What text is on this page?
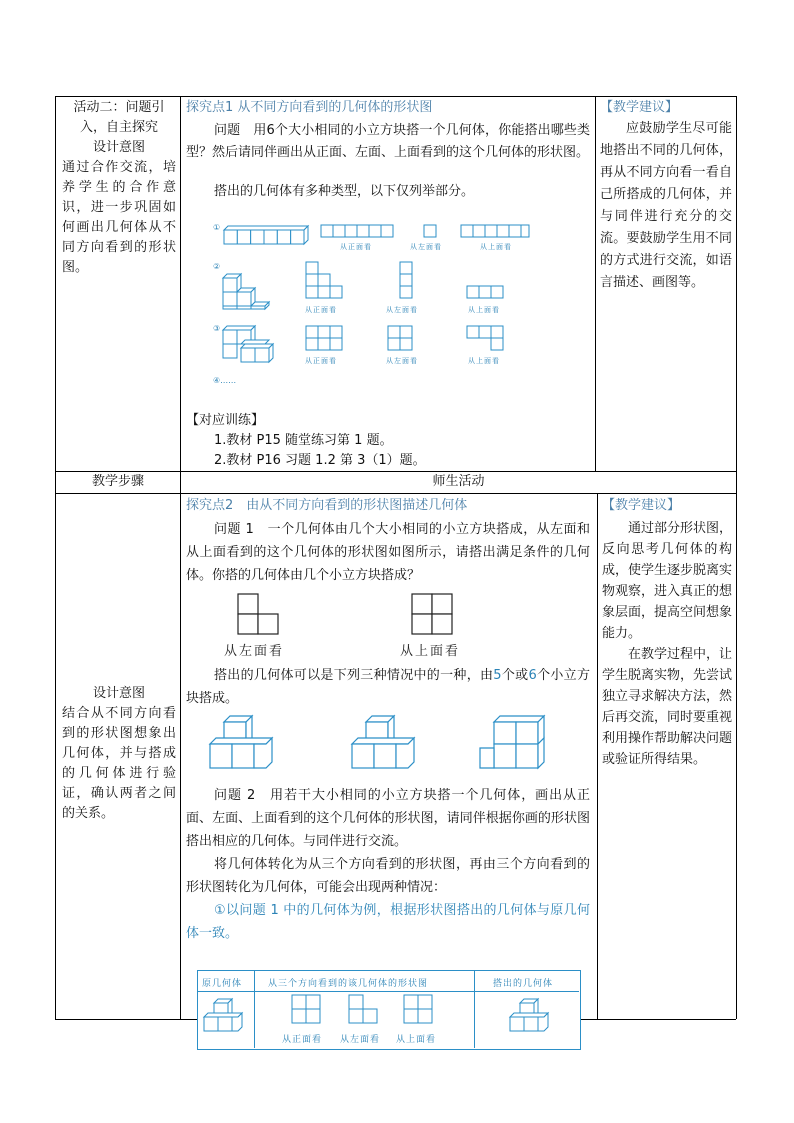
活动二：问题引入，自主探究
设计意图
通过合作交流，培养学生的合作意识，进一步巩固如何画出几何体从不同方向看到的形状图。
探究点1 从不同方向看到的几何体的形状图
问题　用6个大小相同的小立方块搭一个几何体，你能搭出哪些类型？然后请同伴画出从正面、左面、上面看到的这个几何体的形状图。
搭出的几何体有多种类型，以下仅列举部分。
①
②
③
④……
从正面看	从左面看	从上面看
从正面看	从左面看	从上面看
从正面看	从左面看	从上面看
【对应训练】
1.教材 P15 随堂练习第 1 题。
2.教材 P16 习题 1.2 第 3（1）题。
【教学建议】
应鼓励学生尽可能地搭出不同的几何体，再从不同方向看一看自己所搭成的几何体，并与同伴进行充分的交流。要鼓励学生用不同的方式进行交流，如语言描述、画图等。
教学步骤	师生活动
设计意图
结合从不同方向看到的形状图想象出几何体，并与搭成的几何体进行验证，确认两者之间的关系。
探究点2　由从不同方向看到的形状图描述几何体
问题 1　一个几何体由几个大小相同的小立方块搭成，从左面和从上面看到的这个几何体的形状图如图所示，请搭出满足条件的几何体。你搭的几何体由几个小立方块搭成？
从左面看	从上面看
搭出的几何体可以是下列三种情况中的一种，由5个或6个小立方块搭成。
问题 2　用若干大小相同的小立方块搭一个几何体，画出从正面、左面、上面看到的这个几何体的形状图，请同伴根据你画的形状图搭出相应的几何体。与同伴进行交流。
将几何体转化为从三个方向看到的形状图，再由三个方向看到的形状图转化为几何体，可能会出现两种情况：
①以问题 1 中的几何体为例，根据形状图搭出的几何体与原几何体一致。
原几何体	从三个方向看到的该几何体的形状图	搭出的几何体
从正面看 从左面看 从上面看
【教学建议】
通过部分形状图，反向思考几何体的构成，使学生逐步脱离实物观察，进入真正的想象层面，提高空间想象能力。
在教学过程中，让学生脱离实物，先尝试独立寻求解决方法，然后再交流，同时要重视利用操作帮助解决问题或验证所得结果。
